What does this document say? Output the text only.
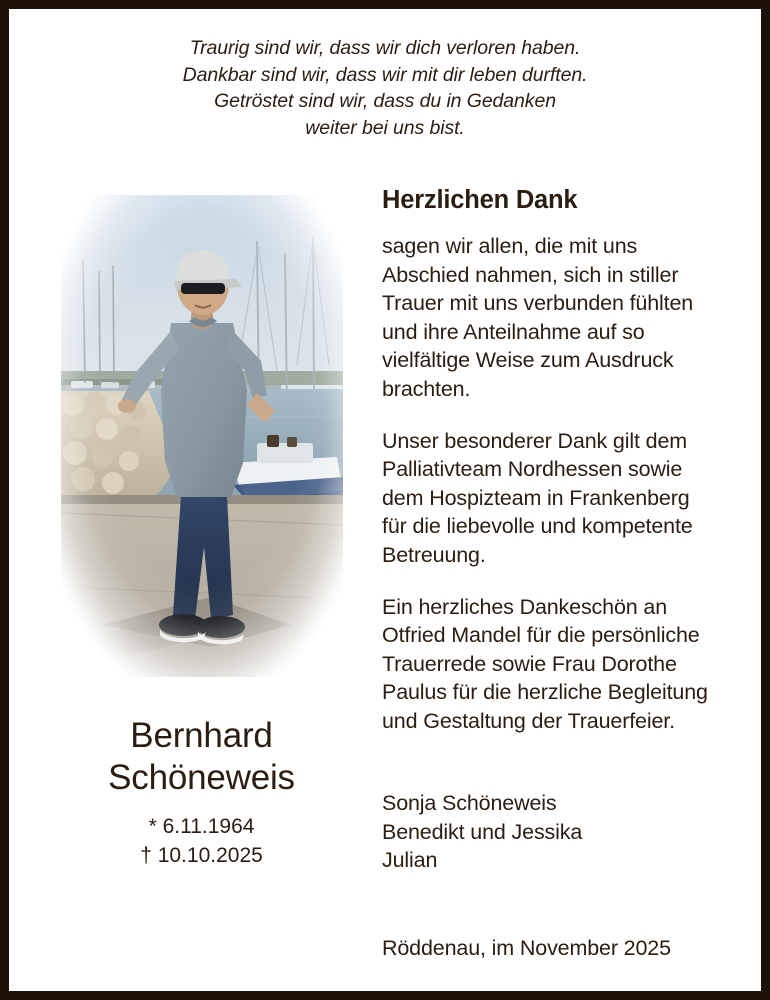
Traurig sind wir, dass wir dich verloren haben.
Dankbar sind wir, dass wir mit dir leben durften.
Getröstet sind wir, dass du in Gedanken
weiter bei uns bist.
Bernhard
Schöneweis
* 6.11.1964
† 10.10.2025
Herzlichen Dank

sagen wir allen, die mit uns Abschied nahmen, sich in stiller Trauer mit uns verbunden fühlten und ihre Anteilnahme auf so vielfältige Weise zum Ausdruck brachten.

Unser besonderer Dank gilt dem Palliativteam Nordhessen sowie dem Hospizteam in Frankenberg für die liebevolle und kompetente Betreuung.

Ein herzliches Dankeschön an Otfried Mandel für die persönliche Trauerrede sowie Frau Dorothe Paulus für die herzliche Begleitung und Gestaltung der Trauerfeier.

Sonja Schöneweis
Benedikt und Jessika
Julian
Röddenau, im November 2025
